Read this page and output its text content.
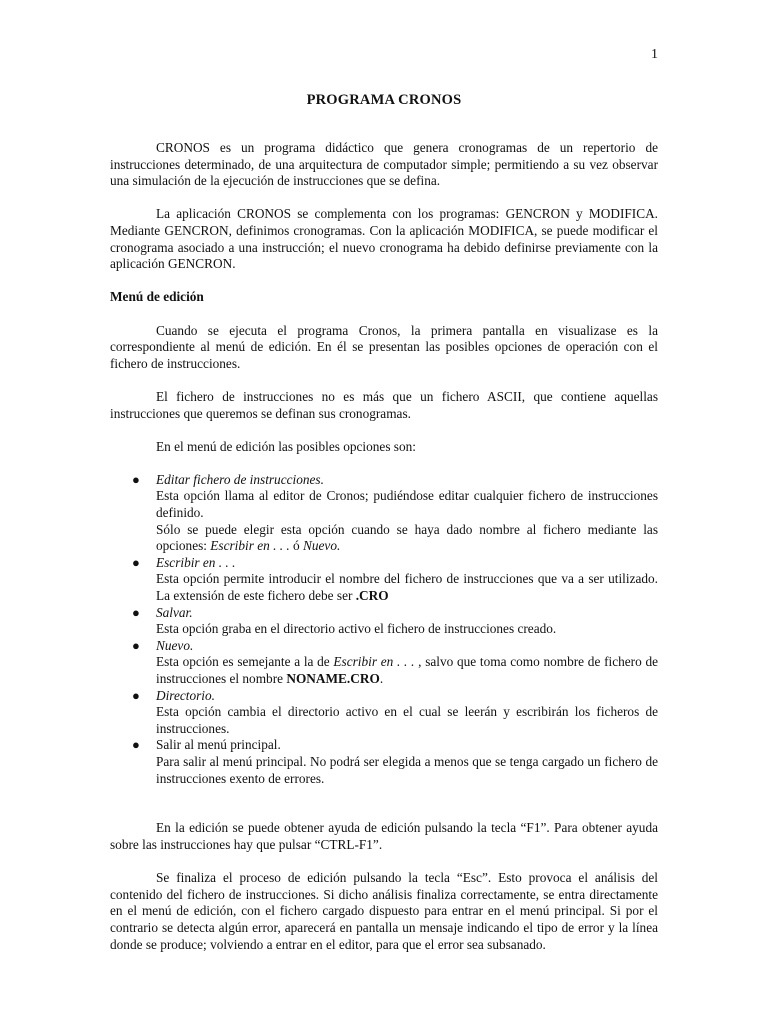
1
PROGRAMA CRONOS

CRONOS es un programa didáctico que genera cronogramas de un repertorio de instrucciones determinado, de una arquitectura de computador simple; permitiendo a su vez observar una simulación de la ejecución de instrucciones que se defina.

La aplicación CRONOS se complementa con los programas: GENCRON y MODIFICA. Mediante GENCRON, definimos cronogramas. Con la aplicación MODIFICA, se puede modificar el cronograma asociado a una instrucción; el nuevo cronograma ha debido definirse previamente con la aplicación GENCRON.

Menú de edición

Cuando se ejecuta el programa Cronos, la primera pantalla en visualizase es la correspondiente al menú de edición. En él se presentan las posibles opciones de operación con el fichero de instrucciones.

El fichero de instrucciones no es más que un fichero ASCII, que contiene aquellas instrucciones que queremos se definan sus cronogramas.

En el menú de edición las posibles opciones son:

● Editar fichero de instrucciones.

Esta opción llama al editor de Cronos; pudiéndose editar cualquier fichero de instrucciones definido.

Sólo se puede elegir esta opción cuando se haya dado nombre al fichero mediante las opciones: Escribir en . . . ó Nuevo.

● Escribir en . . .

Esta opción permite introducir el nombre del fichero de instrucciones que va a ser utilizado. La extensión de este fichero debe ser .CRO

● Salvar.

Esta opción graba en el directorio activo el fichero de instrucciones creado.

● Nuevo.

Esta opción es semejante a la de Escribir en . . . , salvo que toma como nombre de fichero de instrucciones el nombre NONAME.CRO.

● Directorio.

Esta opción cambia el directorio activo en el cual se leerán y escribirán los ficheros de instrucciones.

● Salir al menú principal.

Para salir al menú principal. No podrá ser elegida a menos que se tenga cargado un fichero de instrucciones exento de errores.

En la edición se puede obtener ayuda de edición pulsando la tecla “F1”. Para obtener ayuda sobre las instrucciones hay que pulsar “CTRL-F1”.

Se finaliza el proceso de edición pulsando la tecla “Esc”. Esto provoca el análisis del contenido del fichero de instrucciones. Si dicho análisis finaliza correctamente, se entra directamente en el menú de edición, con el fichero cargado dispuesto para entrar en el menú principal. Si por el contrario se detecta algún error, aparecerá en pantalla un mensaje indicando el tipo de error y la línea donde se produce; volviendo a entrar en el editor, para que el error sea subsanado.
